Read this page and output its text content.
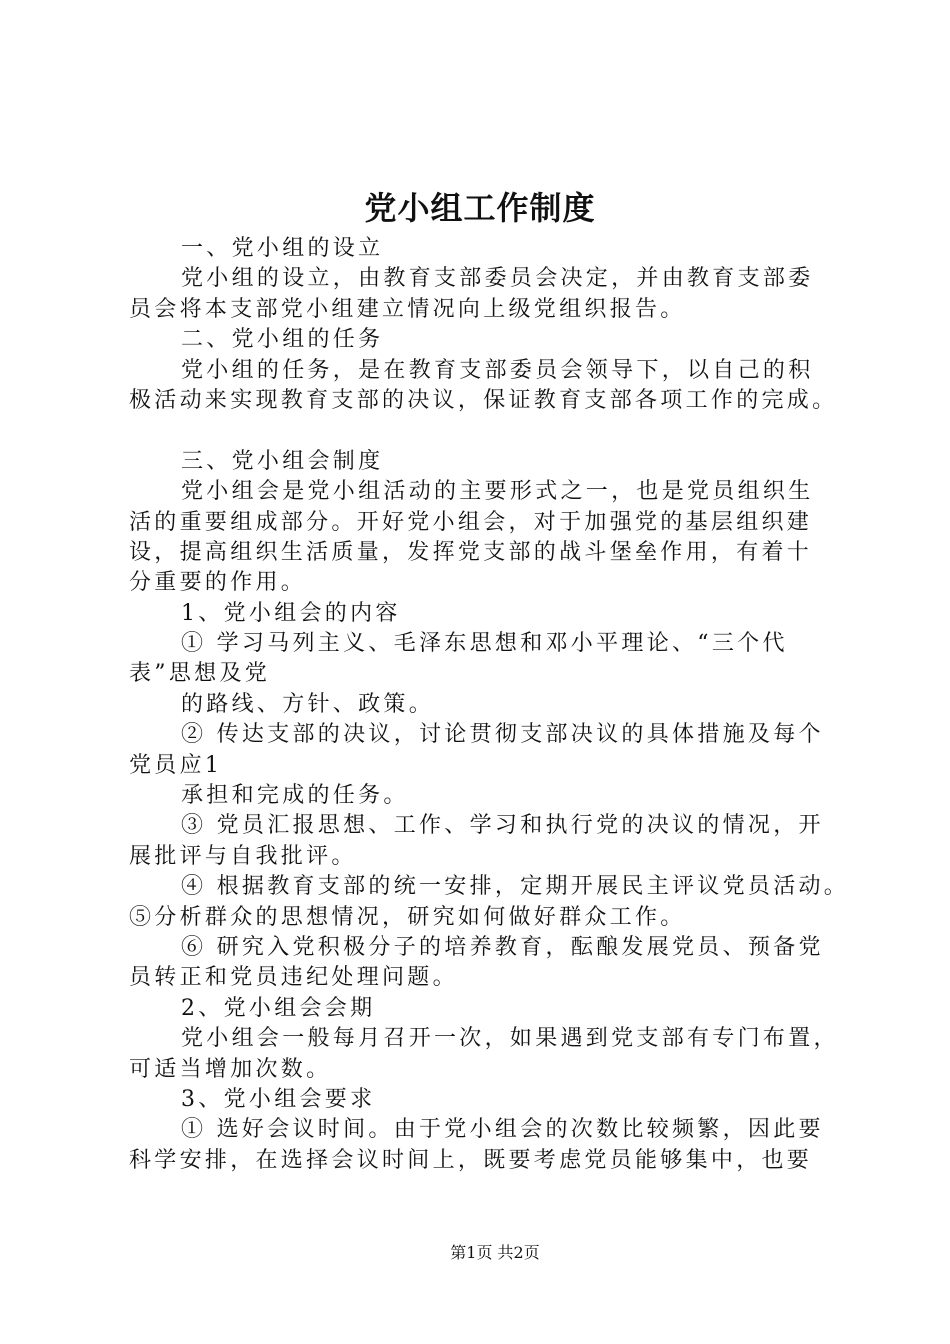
党小组工作制度
一、党小组的设立
党小组的设立，由教育支部委员会决定，并由教育支部委
员会将本支部党小组建立情况向上级党组织报告。
二、党小组的任务
党小组的任务，是在教育支部委员会领导下，以自己的积
极活动来实现教育支部的决议，保证教育支部各项工作的完成。
三、党小组会制度
党小组会是党小组活动的主要形式之一，也是党员组织生
活的重要组成部分。开好党小组会，对于加强党的基层组织建
设，提高组织生活质量，发挥党支部的战斗堡垒作用，有着十
分重要的作用。
1、党小组会的内容
① 学习马列主义、毛泽东思想和邓小平理论、“三个代
表”思想及党
的路线、方针、政策。
② 传达支部的决议，讨论贯彻支部决议的具体措施及每个
党员应1
承担和完成的任务。
③ 党员汇报思想、工作、学习和执行党的决议的情况，开
展批评与自我批评。
④ 根据教育支部的统一安排，定期开展民主评议党员活动。
⑤分析群众的思想情况，研究如何做好群众工作。
⑥ 研究入党积极分子的培养教育，酝酿发展党员、预备党
员转正和党员违纪处理问题。
2、党小组会会期
党小组会一般每月召开一次，如果遇到党支部有专门布置，
可适当增加次数。
3、党小组会要求
① 选好会议时间。由于党小组会的次数比较频繁，因此要
科学安排，在选择会议时间上，既要考虑党员能够集中，也要
第1页 共2页
